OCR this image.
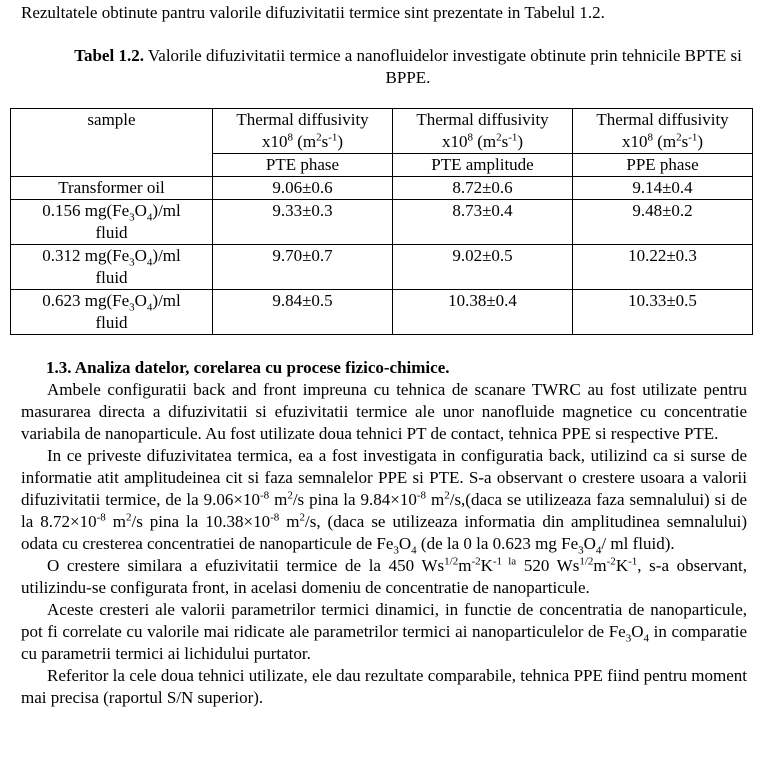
Rezultatele obtinute pantru valorile difuzivitatii termice sint prezentate in Tabelul 1.2.
Tabel 1.2. Valorile difuzivitatii termice a nanofluidelor investigate obtinute prin tehnicile BPTE si BPPE.
sample	Thermal diffusivity
$x10^8$ $(m^2s^{-1})$	Thermal diffusivity
$x10^8$ $(m^2s^{-1})$	Thermal diffusivity
$x10^8$ $(m^2s^{-1})$
	PTE phase	PTE amplitude	PPE phase
Transformer oil	9.06±0.6	8.72±0.6	9.14±0.4
0.156 $mg(Fe_3O_4)/ml$
fluid	9.33±0.3	8.73±0.4	9.48±0.2
0.312 $mg(Fe_3O_4)/ml$
fluid	9.70±0.7	9.02±0.5	10.22±0.3
0.623 $mg(Fe_3O_4)/ml$
fluid	9.84±0.5	10.38±0.4	10.33±0.5
1.3. Analiza datelor, corelarea cu procese fizico-chimice.

Ambele configuratii back and front impreuna cu tehnica de scanare TWRC au fost utilizate pentru masurarea directa a difuzivitatii si efuzivitatii termice ale unor nanofluide magnetice cu concentratie variabila de nanoparticule. Au fost utilizate doua tehnici PT de contact, tehnica PPE si respective PTE.

In ce priveste difuzivitatea termica, ea a fost investigata in configuratia back, utilizind ca si surse de informatie atit amplitudeinea cit si faza semnalelor PPE si PTE. S-a observant o crestere usoara a valorii difuzivitatii termice, de la $9.06\times 10^{-8}$ $m^2/s$ pina la $9.84\times 10^{-8}$ $m^2/s,(daca$ se utilizeaza faza semnalului) si de la $8.72\times 10^{-8}$ $m^2/s$ pina la $10.38\times 10^{-8}$ $m^2/s$, (daca se utilizeaza informatia din amplitudinea semnalului) odata cu cresterea concentratiei de nanoparticule de $Fe_3O_4$ (de la 0 la 0.623 mg $Fe_3O_4/$ ml fluid).

O crestere similara a efuzivitatii termice de la 450 $Ws^{1/2}m^{-2}K^{-1 la}$ 520 $Ws^{1/2}m^{-2}K^{-1}$, s-a observant, utilizindu-se configurata front, in acelasi domeniu de concentratie de nanoparticule.

Aceste cresteri ale valorii parametrilor termici dinamici, in functie de concentratia de nanoparticule, pot fi correlate cu valorile mai ridicate ale parametrilor termici ai nanoparticulelor de $Fe_3O_4$ in comparatie cu parametrii termici ai lichidului purtator.

Referitor la cele doua tehnici utilizate, ele dau rezultate comparabile, tehnica PPE fiind pentru moment mai precisa (raportul S/N superior).
